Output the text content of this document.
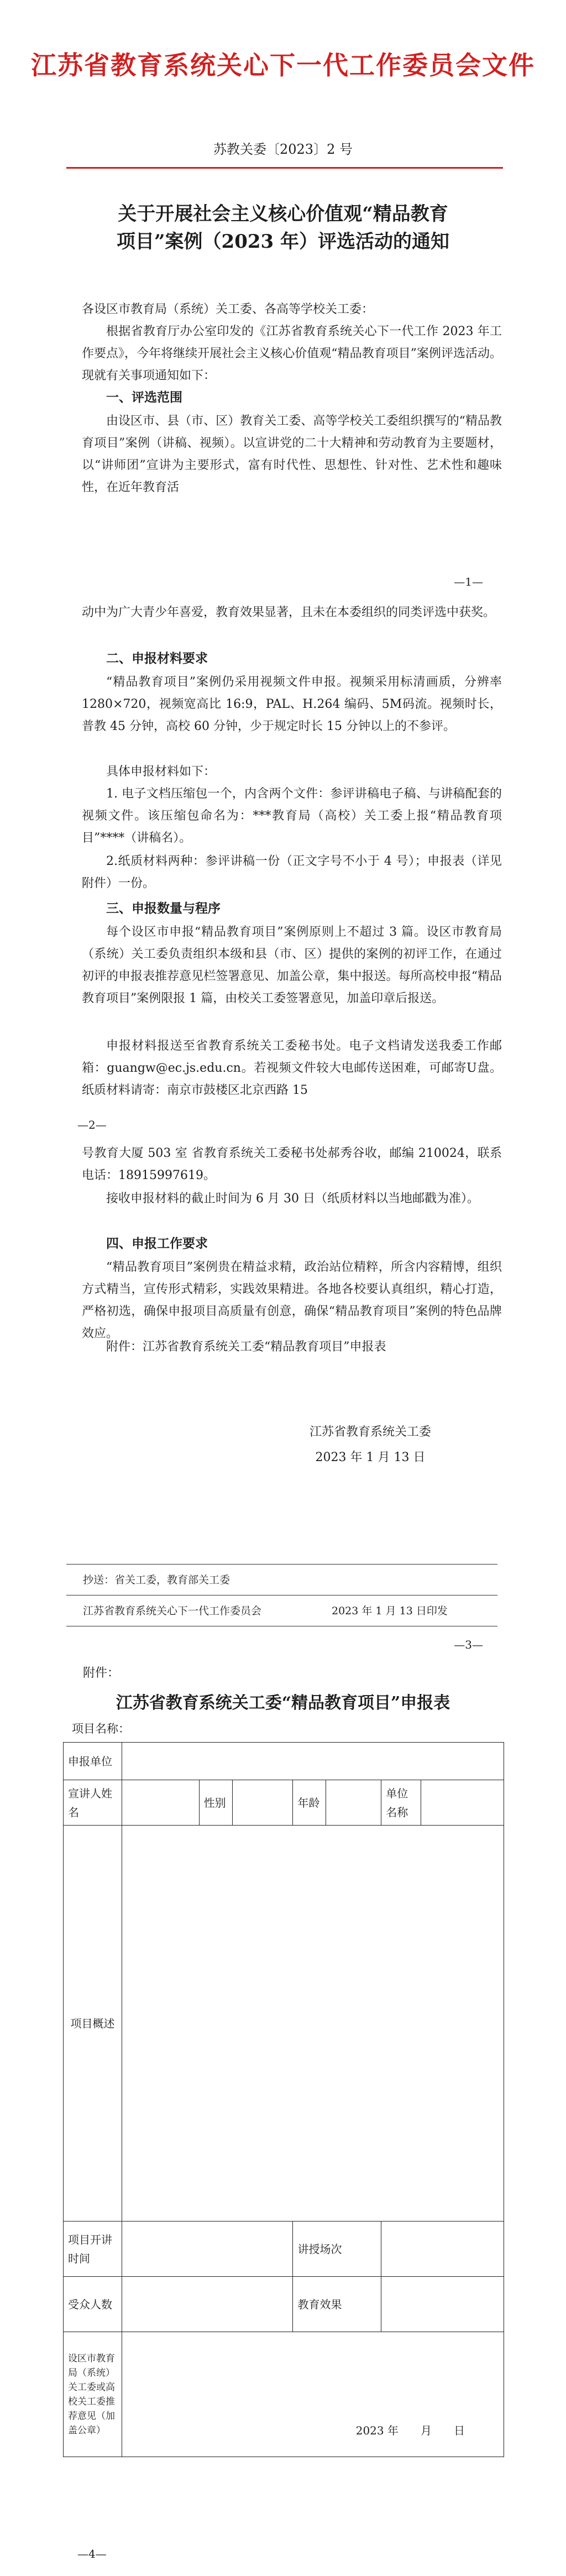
江苏省教育系统关心下一代工作委员会文件
苏教关委〔2023〕2 号
关于开展社会主义核心价值观“精品教育
项目”案例（2023 年）评选活动的通知
各设区市教育局（系统）关工委、各高等学校关工委：
根据省教育厅办公室印发的《江苏省教育系统关心下一代工作 2023 年工作要点》，今年将继续开展社会主义核心价值观“精品教育项目”案例评选活动。现就有关事项通知如下：
一、评选范围
由设区市、县（市、区）教育关工委、高等学校关工委组织撰写的“精品教育项目”案例（讲稿、视频）。以宣讲党的二十大精神和劳动教育为主要题材，以“讲师团”宣讲为主要形式，富有时代性、思想性、针对性、艺术性和趣味性，在近年教育活
—1—
动中为广大青少年喜爱，教育效果显著，且未在本委组织的同类评选中获奖。
二、申报材料要求
“精品教育项目”案例仍采用视频文件申报。视频采用标清画质，分辨率 1280×720，视频宽高比 16:9，PAL、H.264 编码、5M码流。视频时长，普教 45 分钟，高校 60 分钟，少于规定时长 15 分钟以上的不参评。
具体申报材料如下：
1. 电子文档压缩包一个，内含两个文件：参评讲稿电子稿、与讲稿配套的视频文件。该压缩包命名为：***教育局（高校）关工委上报“精品教育项目”****（讲稿名）。
2.纸质材料两种：参评讲稿一份（正文字号不小于 4 号）；申报表（详见附件）一份。
三、申报数量与程序
每个设区市申报“精品教育项目”案例原则上不超过 3 篇。设区市教育局（系统）关工委负责组织本级和县（市、区）提供的案例的初评工作，在通过初评的申报表推荐意见栏签署意见、加盖公章，集中报送。每所高校申报“精品教育项目”案例限报 1 篇，由校关工委签署意见，加盖印章后报送。
申报材料报送至省教育系统关工委秘书处。电子文档请发送我委工作邮箱：guangw@ec.js.edu.cn。若视频文件较大电邮传送困难，可邮寄U盘。纸质材料请寄：南京市鼓楼区北京西路 15
—2—
号教育大厦 503 室 省教育系统关工委秘书处郝秀谷收，邮编 210024，联系电话：18915997619。
接收申报材料的截止时间为 6 月 30 日（纸质材料以当地邮戳为准）。
四、申报工作要求
“精品教育项目”案例贵在精益求精，政治站位精粹，所含内容精博，组织方式精当，宣传形式精彩，实践效果精进。各地各校要认真组织，精心打造，严格初选，确保申报项目高质量有创意，确保“精品教育项目”案例的特色品牌效应。
附件：江苏省教育系统关工委“精品教育项目”申报表
江苏省教育系统关工委
2023 年 1 月 13 日
抄送：省关工委，教育部关工委
江苏省教育系统关心下一代工作委员会	2023 年 1 月 13 日印发
—3—
附件：
江苏省教育系统关工委“精品教育项目”申报表
项目名称：
申报单位							
宣讲人姓　名		性别		年龄		单位名称	
项目概述							
项目开讲时间				讲授场次			
受众人数				教育效果			
设区市教育局（系统）关工委或高校关工委推荐意见（加盖公章）	2023 年　　月　　日						
—4—
